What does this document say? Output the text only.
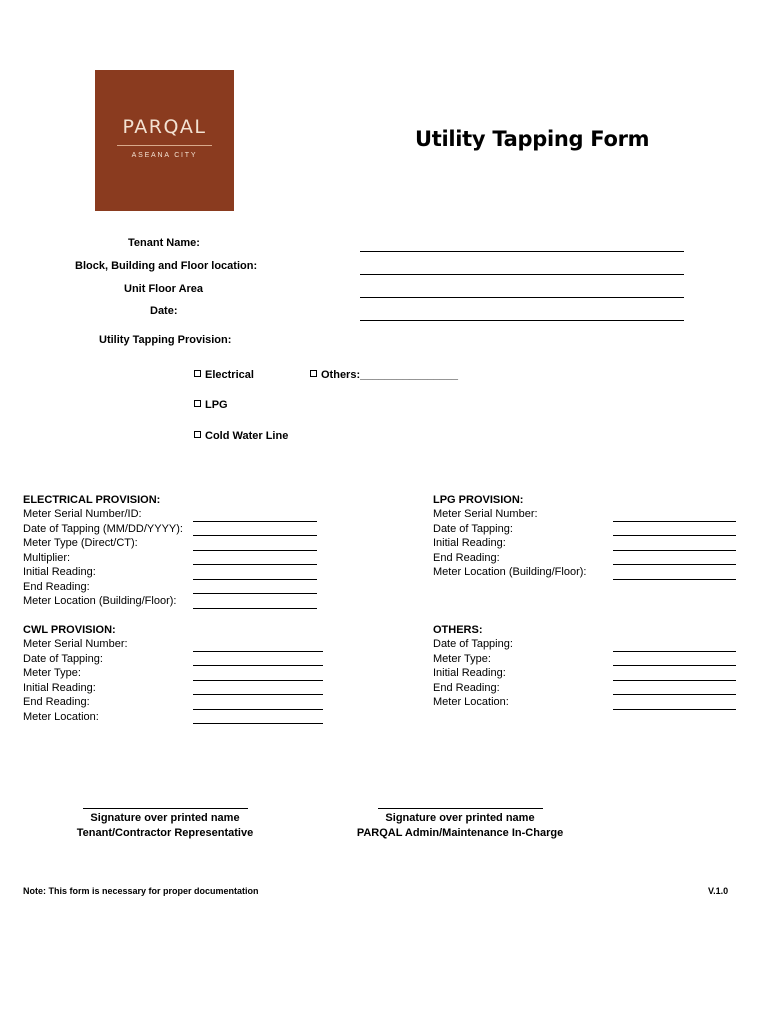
PARQAL
ASEANA CITY
Utility Tapping Form
Tenant Name:
Block, Building and Floor location:
Unit Floor Area
Date:
Utility Tapping Provision:
Electrical	Others:________________
LPG
Cold Water Line
ELECTRICAL PROVISION:
Meter Serial Number/ID:
Date of Tapping (MM/DD/YYYY):
Meter Type (Direct/CT):
Multiplier:
Initial Reading:
End Reading:
Meter Location (Building/Floor):
LPG PROVISION:
Meter Serial Number:
Date of Tapping:
Initial Reading:
End Reading:
Meter Location (Building/Floor):
CWL PROVISION:
Meter Serial Number:
Date of Tapping:
Meter Type:
Initial Reading:
End Reading:
Meter Location:
OTHERS:
Date of Tapping:
Meter Type:
Initial Reading:
End Reading:
Meter Location:
Signature over printed name
Tenant/Contractor Representative
Signature over printed name
PARQAL Admin/Maintenance In-Charge
Note: This form is necessary for proper documentation	V.1.0
